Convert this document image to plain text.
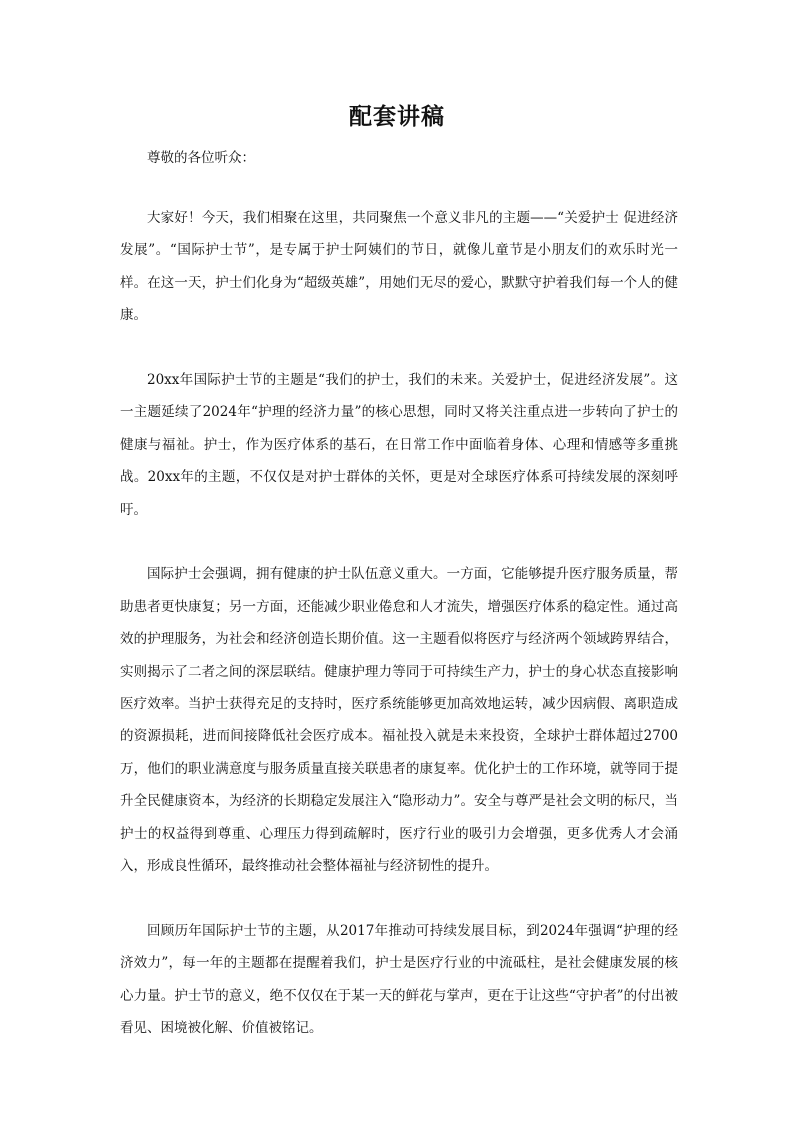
配套讲稿
尊敬的各位听众：

大家好！今天，我们相聚在这里，共同聚焦一个意义非凡的主题——“关爱护士 促进经济发展”。“国际护士节”，是专属于护士阿姨们的节日，就像儿童节是小朋友们的欢乐时光一样。在这一天，护士们化身为“超级英雄”，用她们无尽的爱心，默默守护着我们每一个人的健康。

20xx年国际护士节的主题是“我们的护士，我们的未来。关爱护士，促进经济发展”。这一主题延续了2024年“护理的经济力量”的核心思想，同时又将关注重点进一步转向了护士的健康与福祉。护士，作为医疗体系的基石，在日常工作中面临着身体、心理和情感等多重挑战。20xx年的主题，不仅仅是对护士群体的关怀，更是对全球医疗体系可持续发展的深刻呼吁。

国际护士会强调，拥有健康的护士队伍意义重大。一方面，它能够提升医疗服务质量，帮助患者更快康复；另一方面，还能减少职业倦怠和人才流失，增强医疗体系的稳定性。通过高效的护理服务，为社会和经济创造长期价值。这一主题看似将医疗与经济两个领域跨界结合，实则揭示了二者之间的深层联结。健康护理力等同于可持续生产力，护士的身心状态直接影响医疗效率。当护士获得充足的支持时，医疗系统能够更加高效地运转，减少因病假、离职造成的资源损耗，进而间接降低社会医疗成本。福祉投入就是未来投资，全球护士群体超过2700万，他们的职业满意度与服务质量直接关联患者的康复率。优化护士的工作环境，就等同于提升全民健康资本，为经济的长期稳定发展注入“隐形动力”。安全与尊严是社会文明的标尺，当护士的权益得到尊重、心理压力得到疏解时，医疗行业的吸引力会增强，更多优秀人才会涌入，形成良性循环，最终推动社会整体福祉与经济韧性的提升。

回顾历年国际护士节的主题，从2017年推动可持续发展目标，到2024年强调“护理的经济效力”，每一年的主题都在提醒着我们，护士是医疗行业的中流砥柱，是社会健康发展的核心力量。护士节的意义，绝不仅仅在于某一天的鲜花与掌声，更在于让这些“守护者”的付出被看见、困境被化解、价值被铭记。
